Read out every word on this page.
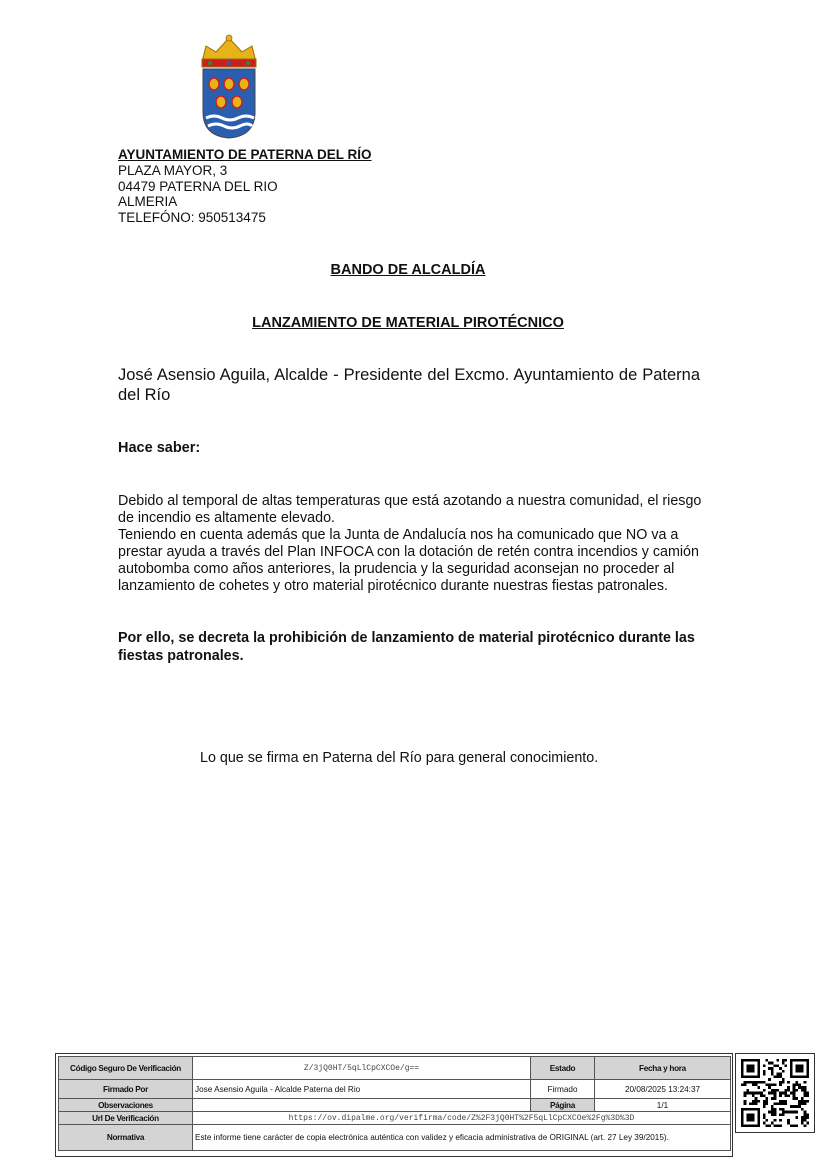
AYUNTAMIENTO DE PATERNA DEL RÍO
PLAZA MAYOR, 3
04479 PATERNA DEL RIO
ALMERIA
TELEFÓNO: 950513475
BANDO DE ALCALDÍA
LANZAMIENTO DE MATERIAL PIROTÉCNICO
José Asensio Aguila, Alcalde - Presidente del Excmo. Ayuntamiento de Paterna del Río
Hace saber:

Debido al temporal de altas temperaturas que está azotando a nuestra comunidad, el riesgo de incendio es altamente elevado.

Teniendo en cuenta además que la Junta de Andalucía nos ha comunicado que NO va a prestar ayuda a través del Plan INFOCA con la dotación de retén contra incendios y camión autobomba como años anteriores, la prudencia y la seguridad aconsejan no proceder al lanzamiento de cohetes y otro material pirotécnico durante nuestras fiestas patronales.

Por ello, se decreta la prohibición de lanzamiento de material pirotécnico durante las fiestas patronales.
Lo que se firma en Paterna del Río para general conocimiento.
Código Seguro De Verificación	Z/3jQ0HT/5qLlCpCXCOe/g==	Estado	Fecha y hora
Firmado Por	Jose Asensio Aguila - Alcalde Paterna del Rio	Firmado	20/08/2025 13:24:37
Observaciones		Página	1/1
Url De Verificación	https://ov.dipalme.org/verifirma/code/Z%2F3jQ0HT%2F5qLlCpCXCOe%2Fg%3D%3D		
Normativa	Este informe tiene carácter de copia electrónica auténtica con validez y eficacia administrativa de ORIGINAL (art. 27 Ley 39/2015).		
